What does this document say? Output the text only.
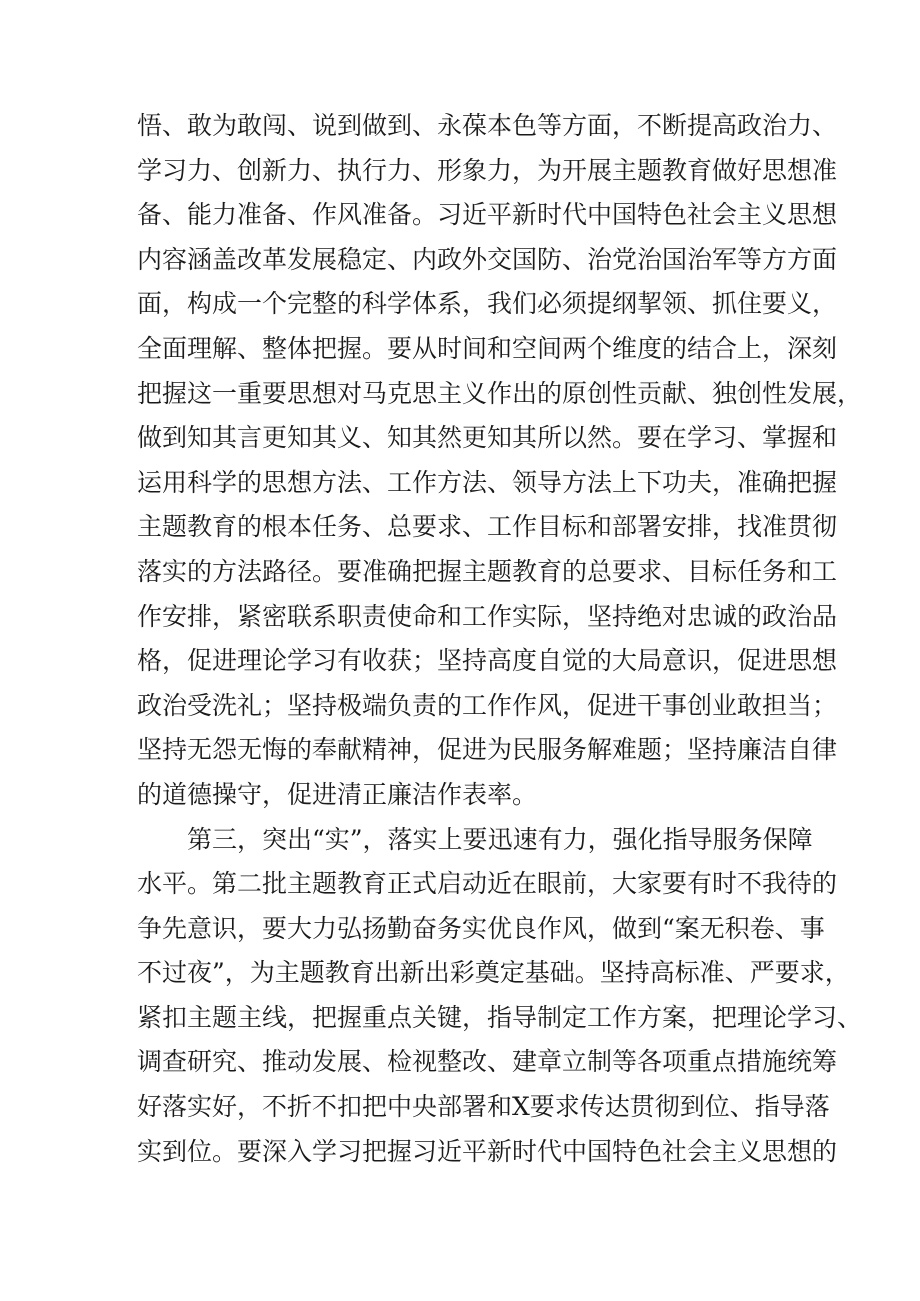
悟、敢为敢闯、说到做到、永葆本色等方面，不断提高政治力、
学习力、创新力、执行力、形象力，为开展主题教育做好思想准
备、能力准备、作风准备。习近平新时代中国特色社会主义思想
内容涵盖改革发展稳定、内政外交国防、治党治国治军等方方面
面，构成一个完整的科学体系，我们必须提纲挈领、抓住要义，
全面理解、整体把握。要从时间和空间两个维度的结合上，深刻
把握这一重要思想对马克思主义作出的原创性贡献、独创性发展，
做到知其言更知其义、知其然更知其所以然。要在学习、掌握和
运用科学的思想方法、工作方法、领导方法上下功夫，准确把握
主题教育的根本任务、总要求、工作目标和部署安排，找准贯彻
落实的方法路径。要准确把握主题教育的总要求、目标任务和工
作安排，紧密联系职责使命和工作实际，坚持绝对忠诚的政治品
格，促进理论学习有收获；坚持高度自觉的大局意识，促进思想
政治受洗礼；坚持极端负责的工作作风，促进干事创业敢担当；
坚持无怨无悔的奉献精神，促进为民服务解难题；坚持廉洁自律
的道德操守，促进清正廉洁作表率。
第三，突出“实”，落实上要迅速有力，强化指导服务保障
水平。第二批主题教育正式启动近在眼前，大家要有时不我待的
争先意识，要大力弘扬勤奋务实优良作风，做到“案无积卷、事
不过夜”，为主题教育出新出彩奠定基础。坚持高标准、严要求，
紧扣主题主线，把握重点关键，指导制定工作方案，把理论学习、
调查研究、推动发展、检视整改、建章立制等各项重点措施统筹
好落实好，不折不扣把中央部署和X要求传达贯彻到位、指导落
实到位。要深入学习把握习近平新时代中国特色社会主义思想的
